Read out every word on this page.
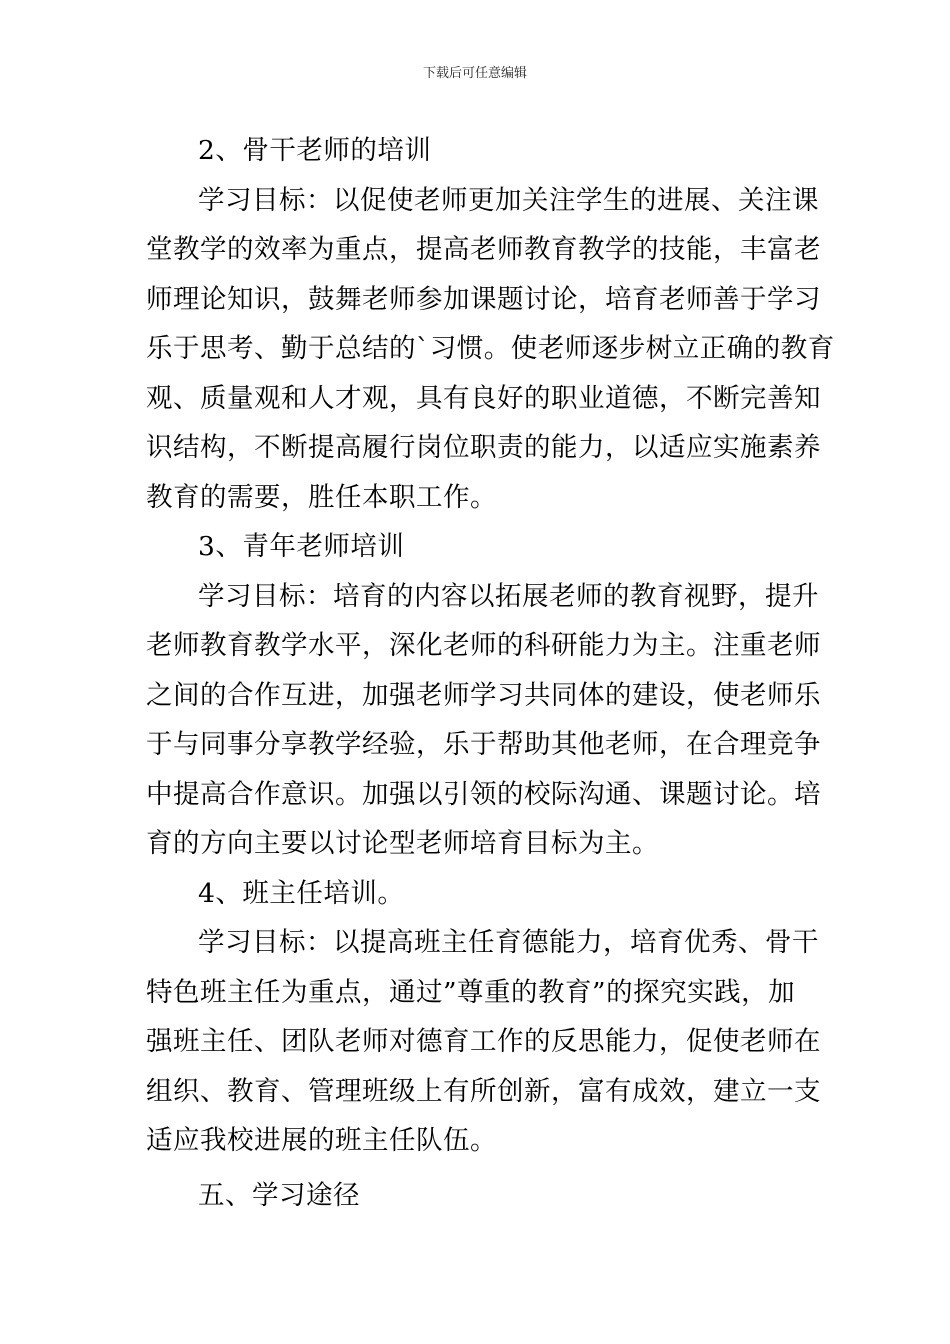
下载后可任意编辑
2、骨干老师的培训
学习目标：以促使老师更加关注学生的进展、关注课
堂教学的效率为重点，提高老师教育教学的技能，丰富老
师理论知识，鼓舞老师参加课题讨论，培育老师善于学习
乐于思考、勤于总结的`习惯。使老师逐步树立正确的教育
观、质量观和人才观，具有良好的职业道德，不断完善知
识结构，不断提高履行岗位职责的能力，以适应实施素养
教育的需要，胜任本职工作。
3、青年老师培训
学习目标：培育的内容以拓展老师的教育视野，提升
老师教育教学水平，深化老师的科研能力为主。注重老师
之间的合作互进，加强老师学习共同体的建设，使老师乐
于与同事分享教学经验，乐于帮助其他老师，在合理竞争
中提高合作意识。加强以引领的校际沟通、课题讨论。培
育的方向主要以讨论型老师培育目标为主。
4、班主任培训。
学习目标：以提高班主任育德能力，培育优秀、骨干
特色班主任为重点，通过”尊重的教育”的探究实践，加
强班主任、团队老师对德育工作的反思能力，促使老师在
组织、教育、管理班级上有所创新，富有成效，建立一支
适应我校进展的班主任队伍。
五、学习途径
